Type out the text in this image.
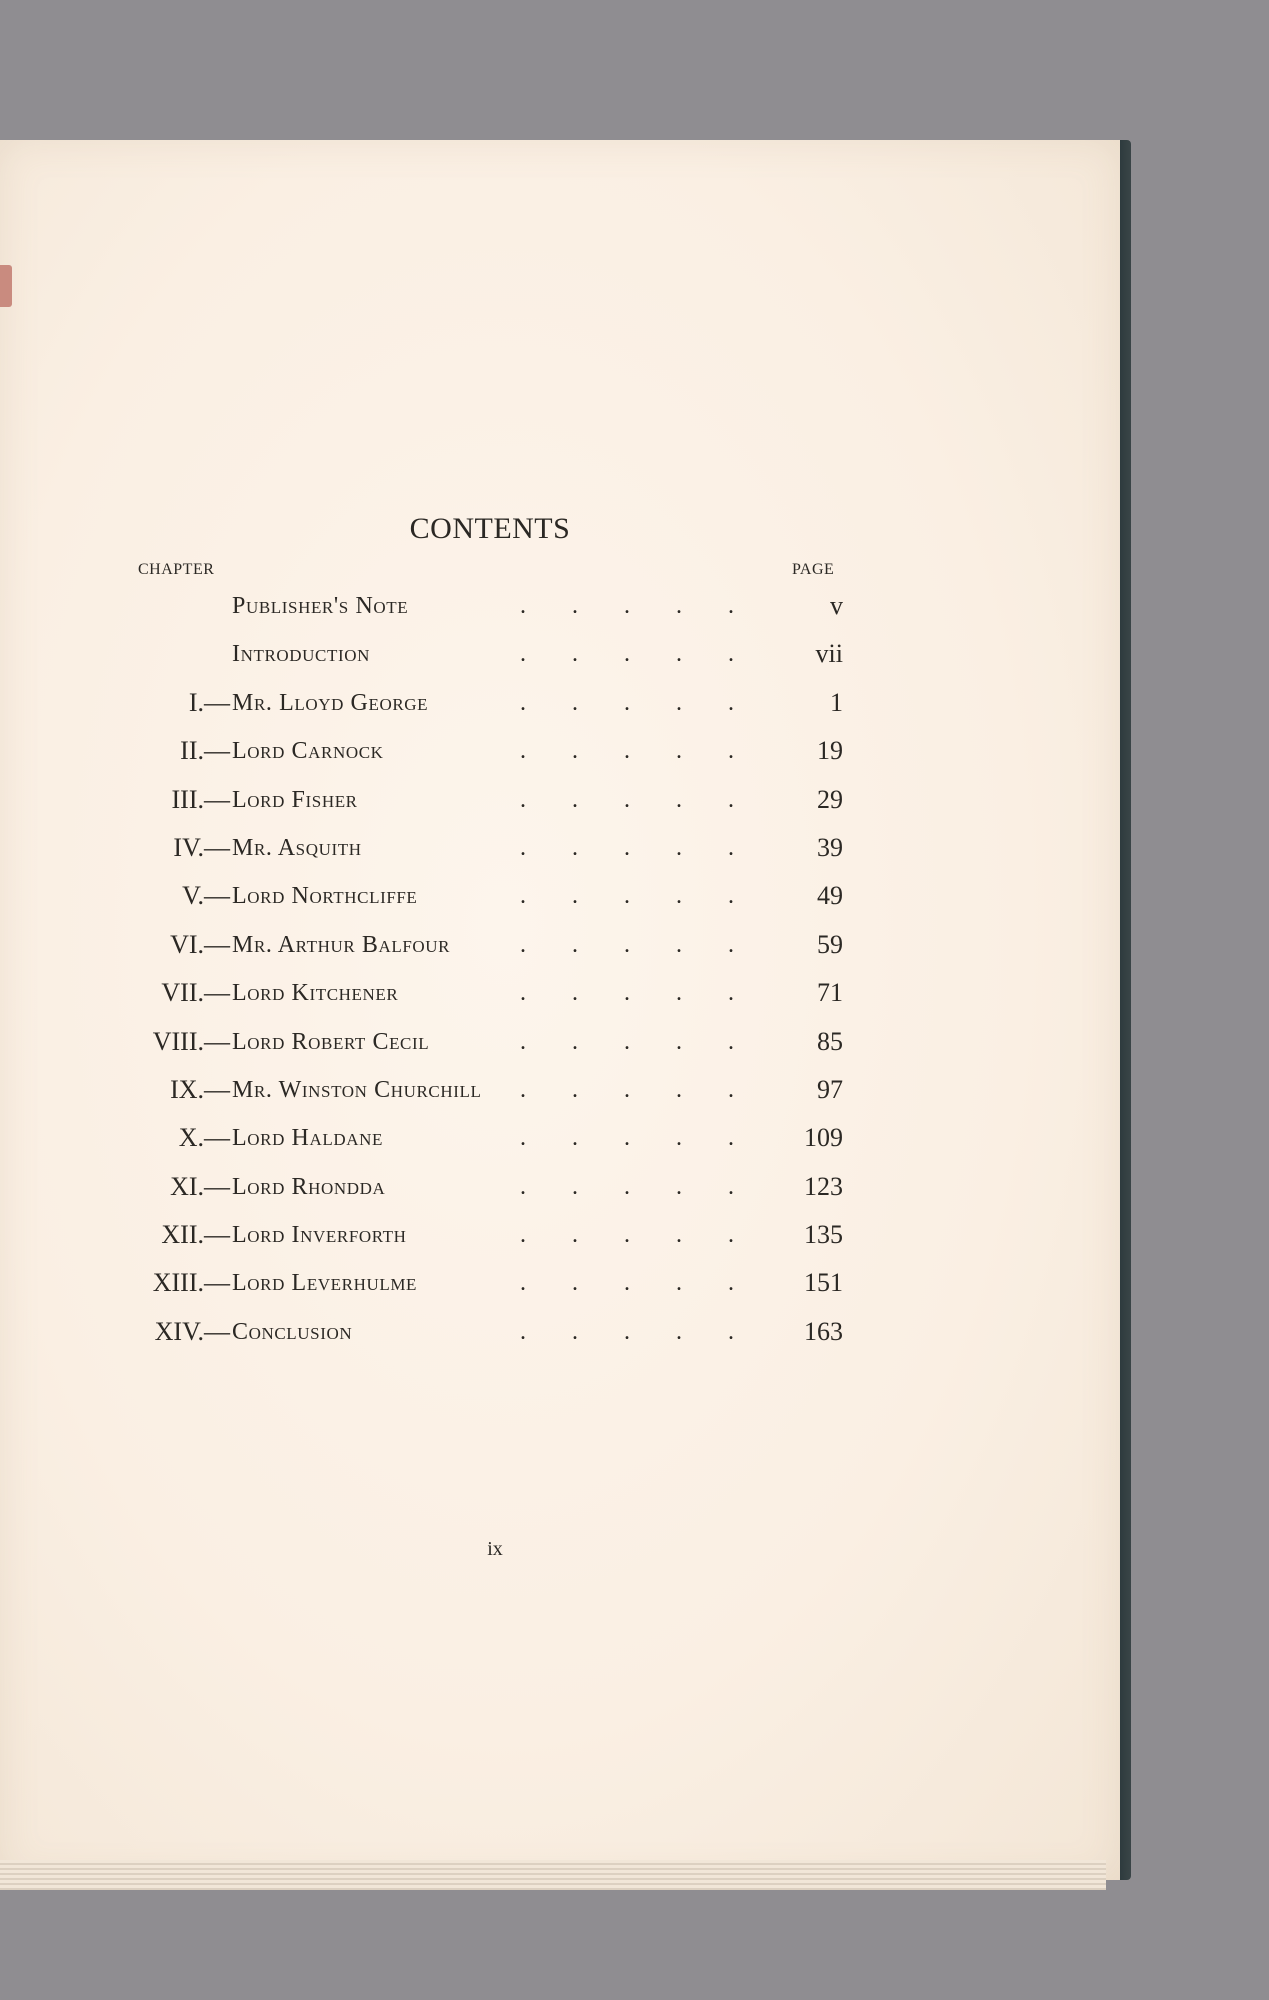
CONTENTS
CHAPTER	PAGE
Publisher's Note	..... v
Introduction	..... vii
I.— Mr. Lloyd George	..... 1
II.— Lord Carnock	..... 19
III.— Lord Fisher	..... 29
IV.— Mr. Asquith	..... 39
V.— Lord Northcliffe	..... 49
VI.— Mr. Arthur Balfour	..... 59
VII.— Lord Kitchener	..... 71
VIII.— Lord Robert Cecil	..... 85
IX.— Mr. Winston Churchill	..... 97
X.— Lord Haldane	..... 109
XI.— Lord Rhondda	..... 123
XII.— Lord Inverforth	..... 135
XIII.— Lord Leverhulme	..... 151
XIV.— Conclusion	..... 163
ix
